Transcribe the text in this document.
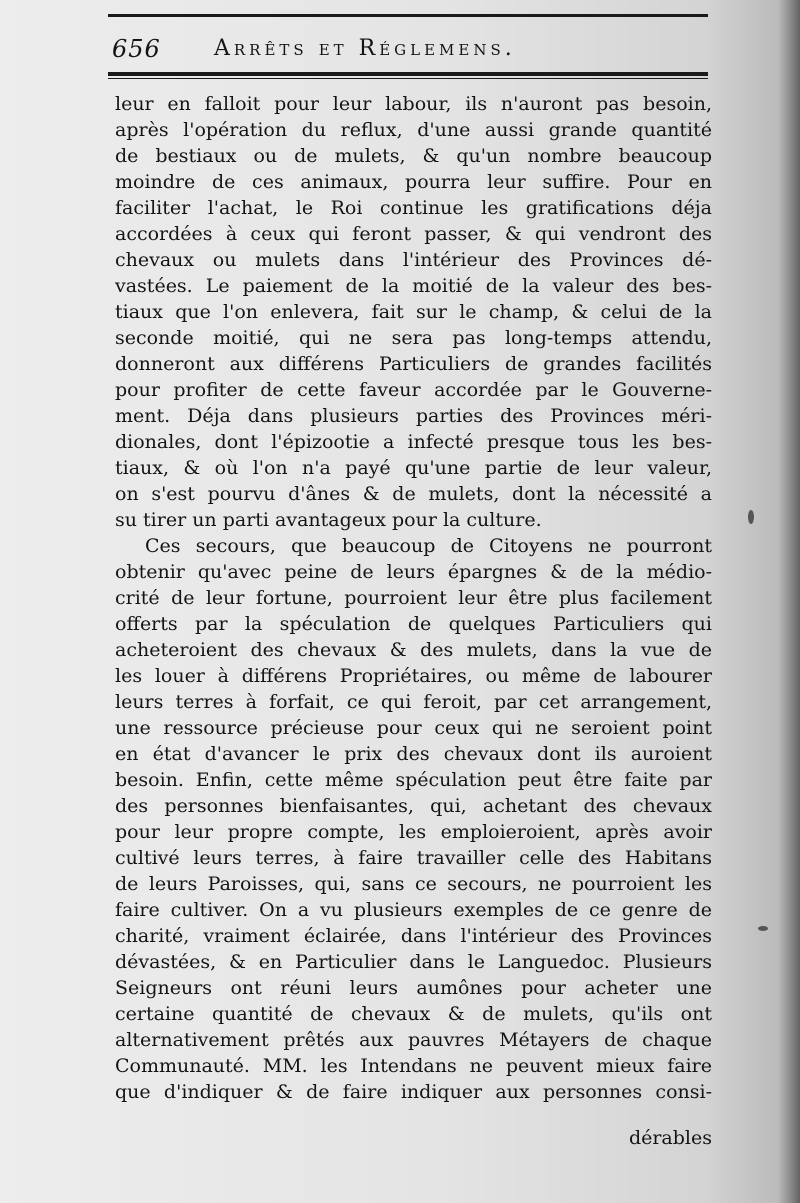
656 Arrêts et Réglemens.
leur en falloit pour leur labour, ils n'auront pas besoin,
après l'opération du reflux, d'une aussi grande quantité
de bestiaux ou de mulets, & qu'un nombre beaucoup
moindre de ces animaux, pourra leur suffire. Pour en
faciliter l'achat, le Roi continue les gratifications déja
accordées à ceux qui feront passer, & qui vendront des
chevaux ou mulets dans l'intérieur des Provinces dé-
vastées. Le paiement de la moitié de la valeur des bes-
tiaux que l'on enlevera, fait sur le champ, & celui de la
seconde moitié, qui ne sera pas long-temps attendu,
donneront aux différens Particuliers de grandes facilités
pour profiter de cette faveur accordée par le Gouverne-
ment. Déja dans plusieurs parties des Provinces méri-
dionales, dont l'épizootie a infecté presque tous les bes-
tiaux, & où l'on n'a payé qu'une partie de leur valeur,
on s'est pourvu d'ânes & de mulets, dont la nécessité a
su tirer un parti avantageux pour la culture.
Ces secours, que beaucoup de Citoyens ne pourront
obtenir qu'avec peine de leurs épargnes & de la médio-
crité de leur fortune, pourroient leur être plus facilement
offerts par la spéculation de quelques Particuliers qui
acheteroient des chevaux & des mulets, dans la vue de
les louer à différens Propriétaires, ou même de labourer
leurs terres à forfait, ce qui feroit, par cet arrangement,
une ressource précieuse pour ceux qui ne seroient point
en état d'avancer le prix des chevaux dont ils auroient
besoin. Enfin, cette même spéculation peut être faite par
des personnes bienfaisantes, qui, achetant des chevaux
pour leur propre compte, les emploieroient, après avoir
cultivé leurs terres, à faire travailler celle des Habitans
de leurs Paroisses, qui, sans ce secours, ne pourroient les
faire cultiver. On a vu plusieurs exemples de ce genre de
charité, vraiment éclairée, dans l'intérieur des Provinces
dévastées, & en Particulier dans le Languedoc. Plusieurs
Seigneurs ont réuni leurs aumônes pour acheter une
certaine quantité de chevaux & de mulets, qu'ils ont
alternativement prêtés aux pauvres Métayers de chaque
Communauté. MM. les Intendans ne peuvent mieux faire
que d'indiquer & de faire indiquer aux personnes consi-
dérables
